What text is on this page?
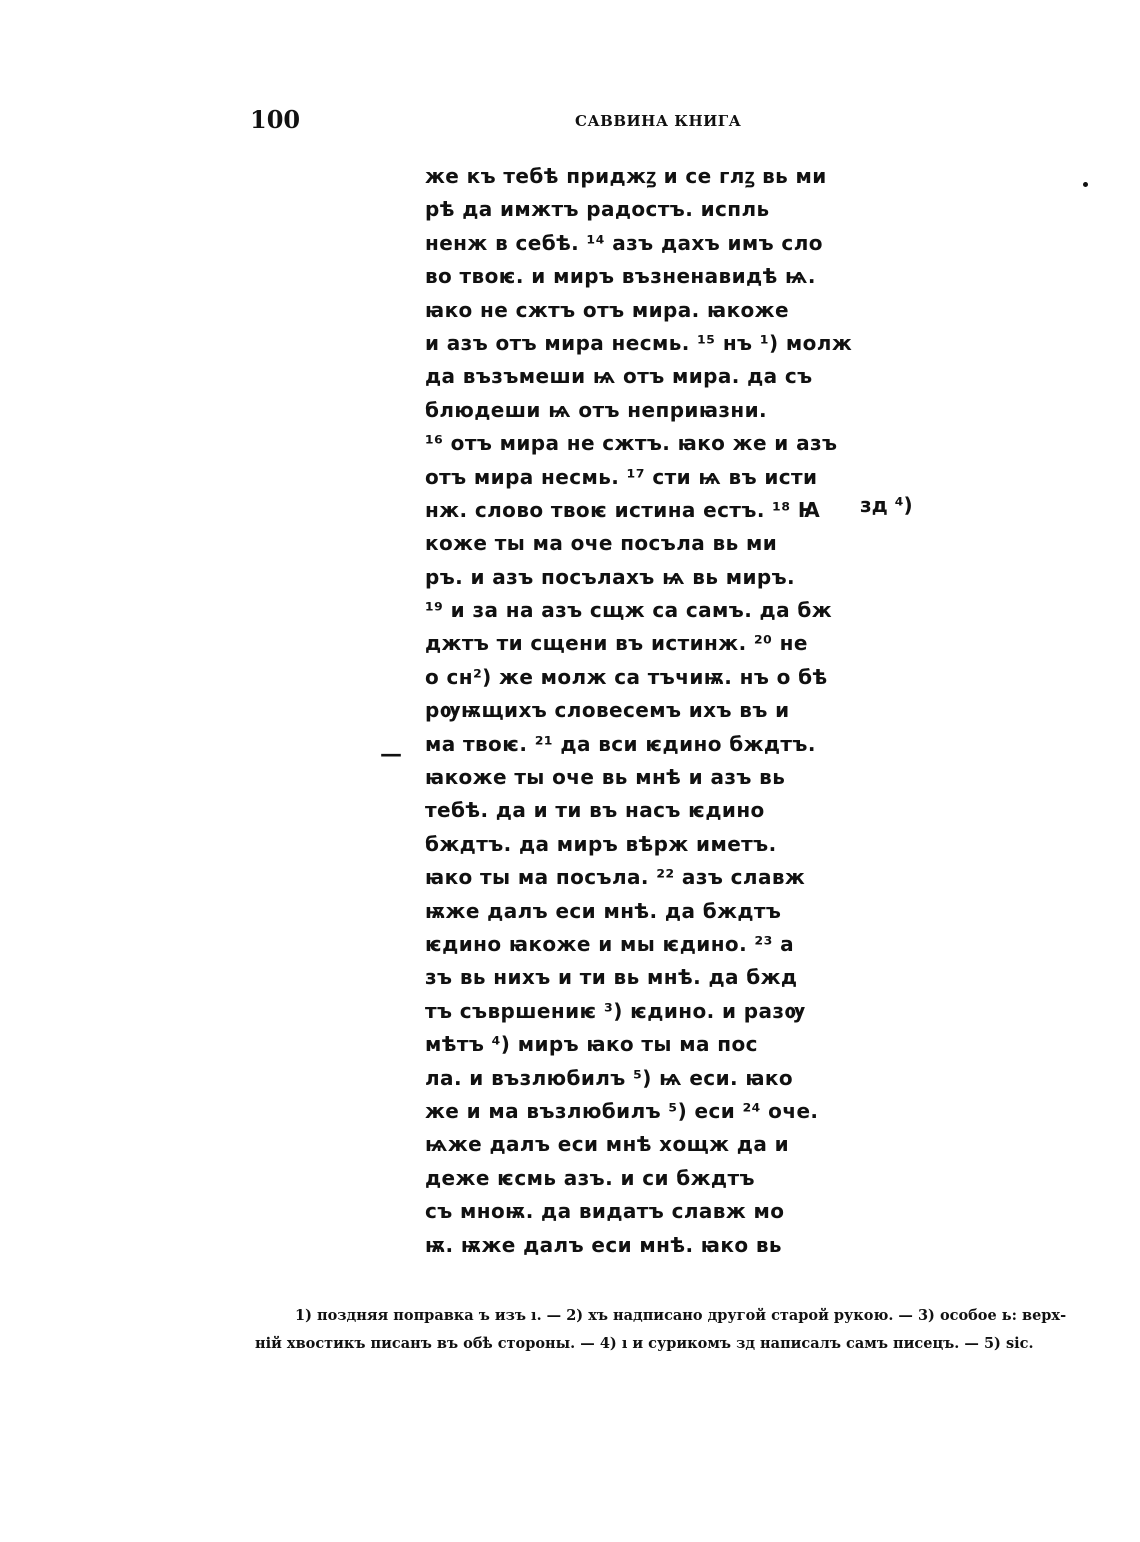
100	САВВИНА КНИГА
же къ тебѣ приджꙁ и се глꙁ вь ми
рѣ да имжтъ радостъ. испль
ненж в себѣ. ¹⁴ азъ дахъ имъ сло
во твоѥ. и миръ възненавидѣ ѩ.
ꙗко не сжтъ отъ мира. ꙗкоже
и азъ отъ мира несмь. ¹⁵ нъ ¹) молж
да възъмеши ѩ отъ мира. да съ
блюдеши ѩ отъ неприꙗзни.
¹⁶ отъ мира не сжтъ. ꙗко же и азъ
отъ мира несмь. ¹⁷ сти ѩ въ исти
нж. слово твоѥ истина естъ. ¹⁸ Ꙗ
коже ты ма оче посъла вь ми
ръ. и азъ посълахъ ѩ вь миръ.
¹⁹ и за на азъ сщж са самъ. да бж
джтъ ти сщени въ истинж. ²⁰ не
о сн²) же молж са тъчиѭ. нъ о бѣ
рѹѭщихъ словесемъ ихъ въ и
ма твоѥ. ²¹ да вси ѥдино бждтъ.
ꙗкоже ты оче вь мнѣ и азъ вь
тебѣ. да и ти въ насъ ѥдино
бждтъ. да миръ вѣрж иметъ.
ꙗко ты ма посъла. ²² азъ славж
ѭже далъ еси мнѣ. да бждтъ
ѥдино ꙗкоже и мы ѥдино. ²³ а
зъ вь нихъ и ти вь мнѣ. да бжд
тъ съвршениѥ ³) ѥдино. и разѹ
мѣтъ ⁴) миръ ꙗко ты ма пос
ла. и възлюбилъ ⁵) ѩ еси. ꙗко
же и ма възлюбилъ ⁵) еси ²⁴ оче.
ѩже далъ еси мнѣ хощж да и
деже ѥсмь азъ. и си бждтъ
съ мноѭ. да видатъ славж мо
ѭ. ѭже далъ еси мнѣ. ꙗко вь
зд ⁴)
—
1) поздняя поправка ъ изъ ı. — 2) хъ надписано другой старой рукою. — 3) особое ь: верх-
ній хвостикъ писанъ въ обѣ стороны. — 4) ı и сурикомъ зд написалъ самъ писецъ. — 5) sic.
